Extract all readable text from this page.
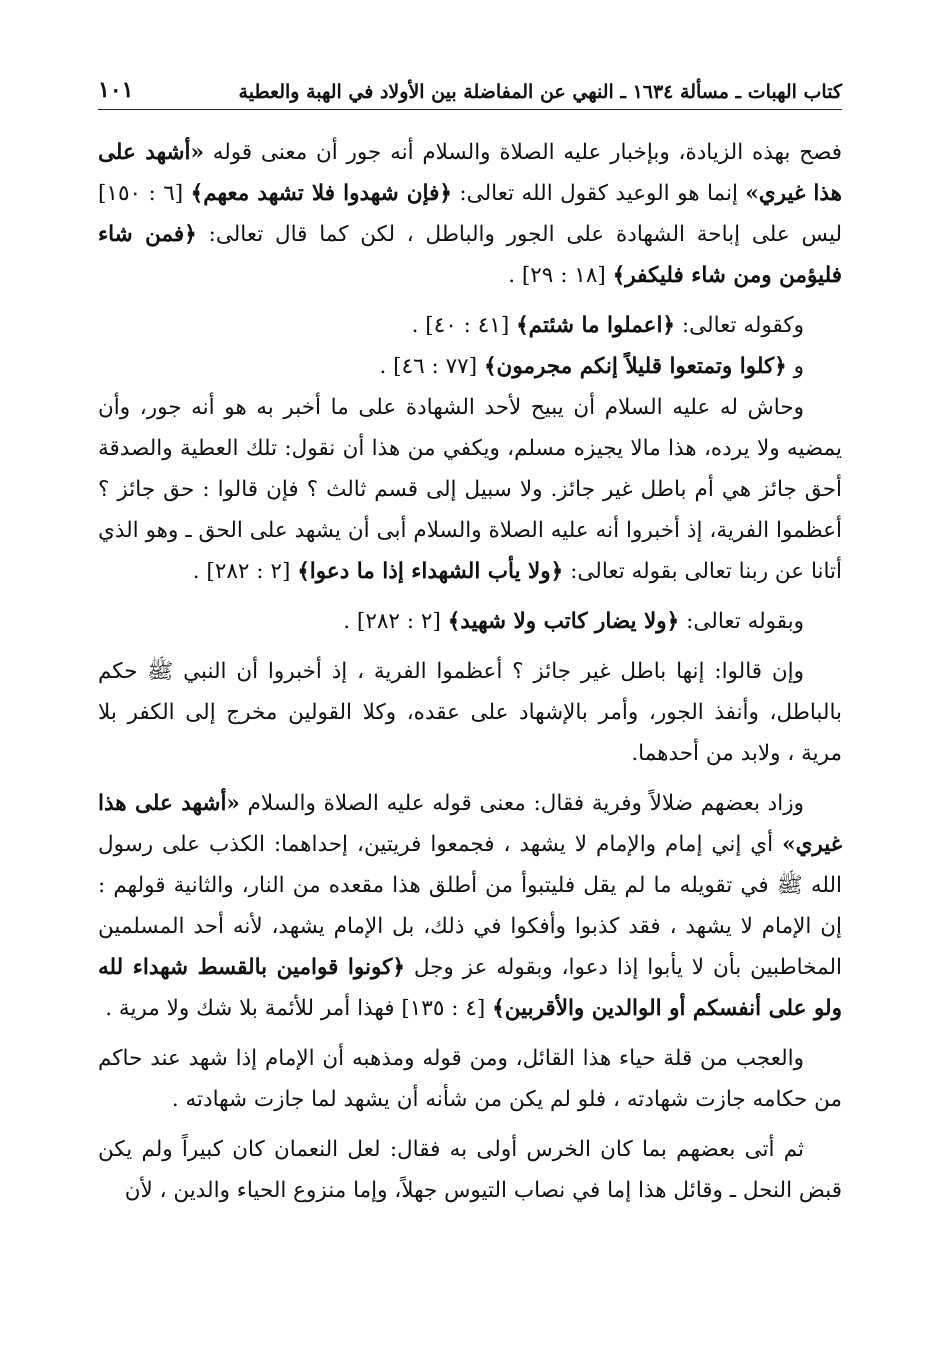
كتاب الهبات ـ مسألة ١٦٣٤ ـ النهي عن المفاضلة بين الأولاد في الهبة والعطية
١٠١

فصح بهذه الزيادة، وبإخبار عليه الصلاة والسلام أنه جور أن معنى قوله «أشهد على هذا غيري» إنما هو الوعيد كقول الله تعالى: ﴿فإن شهدوا فلا تشهد معهم﴾ [٦ : ١٥٠] ليس على إباحة الشهادة على الجور والباطل ، لكن كما قال تعالى: ﴿فمن شاء فليؤمن ومن شاء فليكفر﴾ [١٨ : ٢٩] .

وكقوله تعالى: ﴿اعملوا ما شئتم﴾ [٤١ : ٤٠] .

و ﴿كلوا وتمتعوا قليلاً إنكم مجرمون﴾ [٧٧ : ٤٦] .

وحاش له عليه السلام أن يبيح لأحد الشهادة على ما أخبر به هو أنه جور، وأن يمضيه ولا يرده، هذا مالا يجيزه مسلم، ويكفي من هذا أن نقول: تلك العطية والصدقة أحق جائز هي أم باطل غير جائز. ولا سبيل إلى قسم ثالث ؟ فإن قالوا : حق جائز ؟ أعظموا الفرية، إذ أخبروا أنه عليه الصلاة والسلام أبى أن يشهد على الحق ـ وهو الذي أتانا عن ربنا تعالى بقوله تعالى: ﴿ولا يأب الشهداء إذا ما دعوا﴾ [٢ : ٢٨٢] .

وبقوله تعالى: ﴿ولا يضار كاتب ولا شهيد﴾ [٢ : ٢٨٢] .

وإن قالوا: إنها باطل غير جائز ؟ أعظموا الفرية ، إذ أخبروا أن النبي ﷺ حكم بالباطل، وأنفذ الجور، وأمر بالإشهاد على عقده، وكلا القولين مخرج إلى الكفر بلا مرية ، ولابد من أحدهما.

وزاد بعضهم ضلالاً وفرية فقال: معنى قوله عليه الصلاة والسلام «أشهد على هذا غيري» أي إني إمام والإمام لا يشهد ، فجمعوا فريتين، إحداهما: الكذب على رسول الله ﷺ في تقويله ما لم يقل فليتبوأ من أطلق هذا مقعده من النار، والثانية قولهم : إن الإمام لا يشهد ، فقد كذبوا وأفكوا في ذلك، بل الإمام يشهد، لأنه أحد المسلمين المخاطبين بأن لا يأبوا إذا دعوا، وبقوله عز وجل ﴿كونوا قوامين بالقسط شهداء لله ولو على أنفسكم أو الوالدين والأقربين﴾ [٤ : ١٣٥] فهذا أمر للأئمة بلا شك ولا مرية .

والعجب من قلة حياء هذا القائل، ومن قوله ومذهبه أن الإمام إذا شهد عند حاكم من حكامه جازت شهادته ، فلو لم يكن من شأنه أن يشهد لما جازت شهادته .

ثم أتى بعضهم بما كان الخرس أولى به فقال: لعل النعمان كان كبيراً ولم يكن قبض النحل ـ وقائل هذا إما في نصاب التيوس جهلاً، وإما منزوع الحياء والدين ، لأن
